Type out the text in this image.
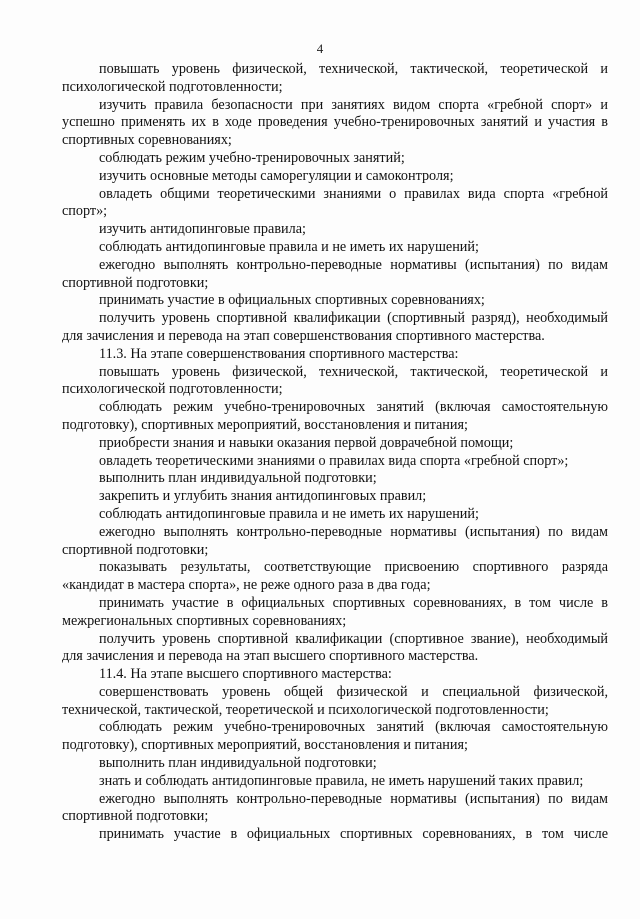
4

повышать уровень физической, технической, тактической, теоретической и психологической подготовленности;

изучить правила безопасности при занятиях видом спорта «гребной спорт» и успешно применять их в ходе проведения учебно-тренировочных занятий и участия в спортивных соревнованиях;

соблюдать режим учебно-тренировочных занятий;

изучить основные методы саморегуляции и самоконтроля;

овладеть общими теоретическими знаниями о правилах вида спорта «гребной спорт»;

изучить антидопинговые правила;

соблюдать антидопинговые правила и не иметь их нарушений;

ежегодно выполнять контрольно-переводные нормативы (испытания) по видам спортивной подготовки;

принимать участие в официальных спортивных соревнованиях;

получить уровень спортивной квалификации (спортивный разряд), необходимый для зачисления и перевода на этап совершенствования спортивного мастерства.

11.3. На этапе совершенствования спортивного мастерства:

повышать уровень физической, технической, тактической, теоретической и психологической подготовленности;

соблюдать режим учебно-тренировочных занятий (включая самостоятельную подготовку), спортивных мероприятий, восстановления и питания;

приобрести знания и навыки оказания первой доврачебной помощи;

овладеть теоретическими знаниями о правилах вида спорта «гребной спорт»;

выполнить план индивидуальной подготовки;

закрепить и углубить знания антидопинговых правил;

соблюдать антидопинговые правила и не иметь их нарушений;

ежегодно выполнять контрольно-переводные нормативы (испытания) по видам спортивной подготовки;

показывать результаты, соответствующие присвоению спортивного разряда «кандидат в мастера спорта», не реже одного раза в два года;

принимать участие в официальных спортивных соревнованиях, в том числе в межрегиональных спортивных соревнованиях;

получить уровень спортивной квалификации (спортивное звание), необходимый для зачисления и перевода на этап высшего спортивного мастерства.

11.4. На этапе высшего спортивного мастерства:

совершенствовать уровень общей физической и специальной физической, технической, тактической, теоретической и психологической подготовленности;

соблюдать режим учебно-тренировочных занятий (включая самостоятельную подготовку), спортивных мероприятий, восстановления и питания;

выполнить план индивидуальной подготовки;

знать и соблюдать антидопинговые правила, не иметь нарушений таких правил;

ежегодно выполнять контрольно-переводные нормативы (испытания) по видам спортивной подготовки;

принимать участие в официальных спортивных соревнованиях, в том числе
